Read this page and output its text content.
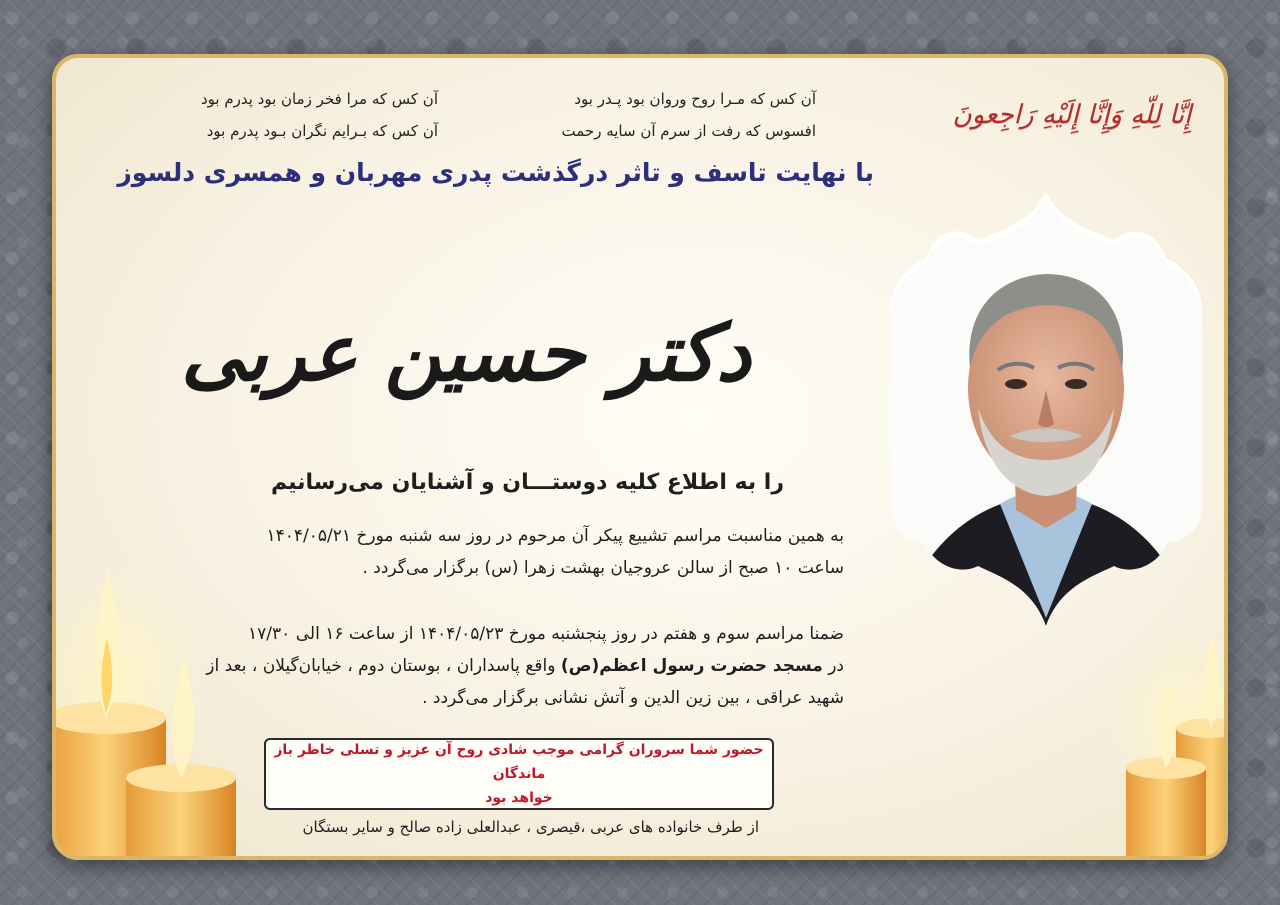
إِنَّا لِلّهِ وَإِنَّا إِلَيْهِ رَاجِعونَ
آن کس که مـرا روح وروان بود پـدر بود
افسوس که رفت از سرم آن سایه رحمت
آن کس که مرا فخر زمان بود پدرم بود
آن کس که بـرایم نگران بـود پدرم بود
با نهایت تاسف و تاثر درگذشت پدری مهربان و همسری دلسوز
دکتر حسین عربی
را به اطلاع کلیه دوستـــان و آشنایان می‌رسانیم
به همین مناسبت مراسم تشییع پیکر آن مرحوم در روز سه شنبه مورخ ۱۴۰۴/۰۵/۲۱
ساعت ۱۰ صبح از سالن عروجیان بهشت زهرا (س) برگزار می‌گردد .
ضمنا مراسم سوم و هفتم در روز پنجشنبه مورخ ۱۴۰۴/۰۵/۲۳ از ساعت ۱۶ الی ۱۷/۳۰
در مسجد حضرت رسول اعظم(ص) واقع پاسداران ، بوستان دوم ، خیابان‌گیلان ، بعد از
شهید عراقی ، بین زین الدین و آتش نشانی برگزار می‌گردد .
حضور شما سروران گرامی موجب شادی روح آن عزیز و تسلی خاطر باز ماندگان
خواهد بود
از طرف خانواده های عربی ،قیصری ، عبدالعلی زاده صالح و سایر بستگان
